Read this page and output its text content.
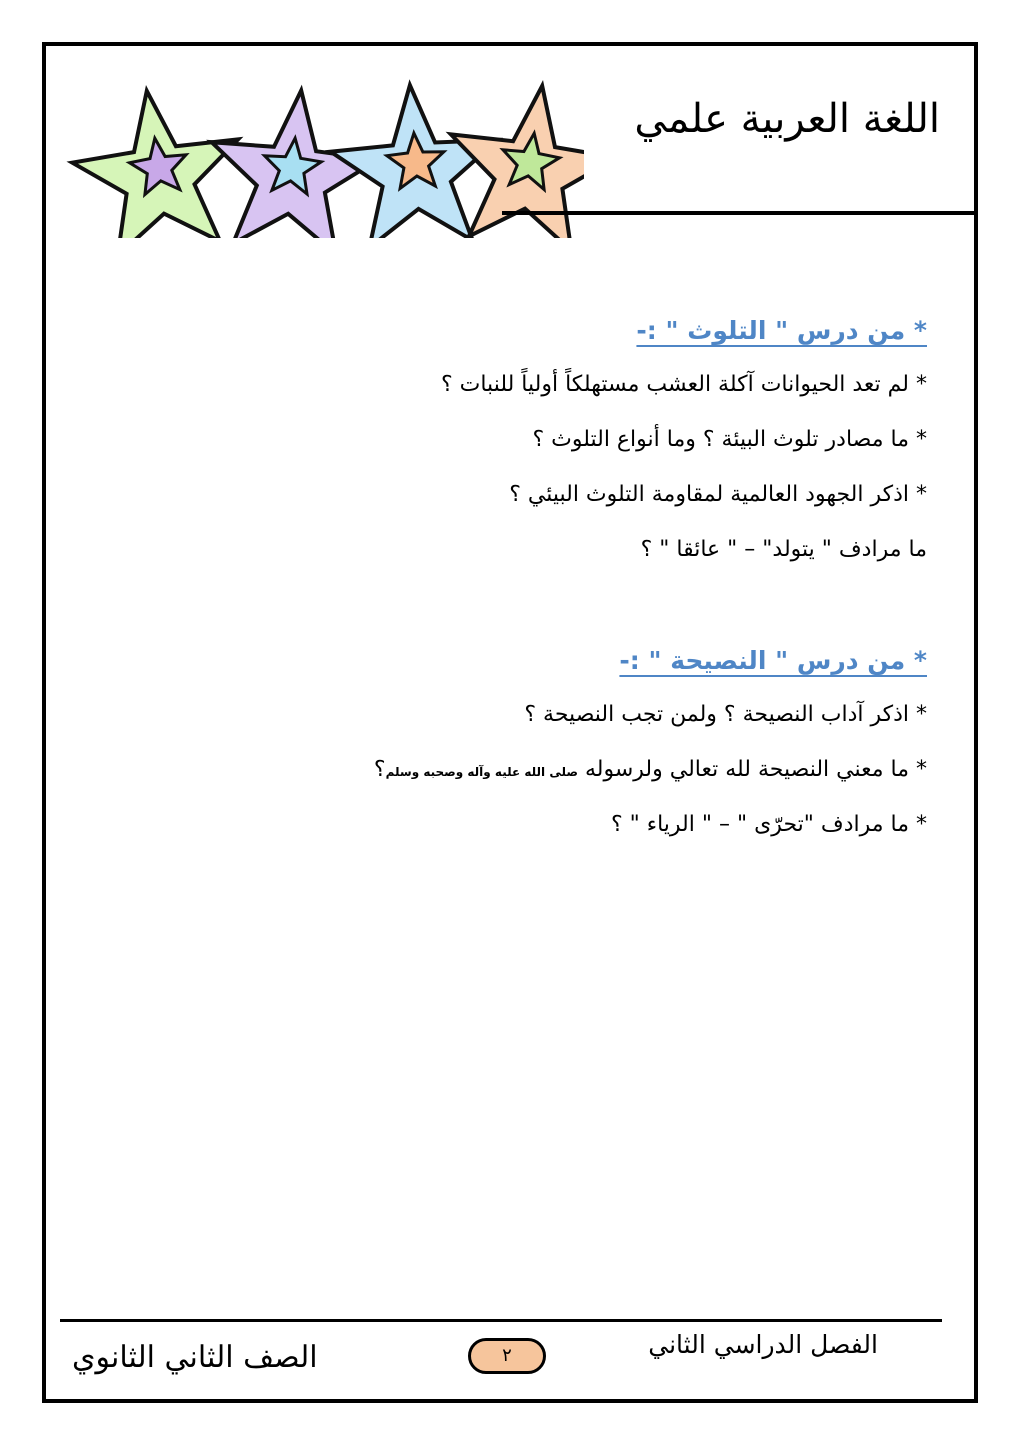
اللغة العربية علمي

* من درس " التلوث " :-

* لم تعد الحيوانات آكلة العشب مستهلكاً أولياً للنبات ؟

* ما مصادر تلوث البيئة ؟ وما أنواع التلوث ؟

* اذكر الجهود العالمية لمقاومة التلوث البيئي ؟

ما مرادف " يتولد" – " عائقا " ؟

* من درس " النصيحة " :-

* اذكر آداب النصيحة ؟ ولمن تجب النصيحة ؟

* ما معني النصيحة لله تعالي ولرسوله صلى الله عليه وآله وصحبه وسلم؟

* ما مرادف "تحرّى " – " الرياء " ؟

الفصل الدراسي الثاني
٢
الصف الثاني الثانوي
